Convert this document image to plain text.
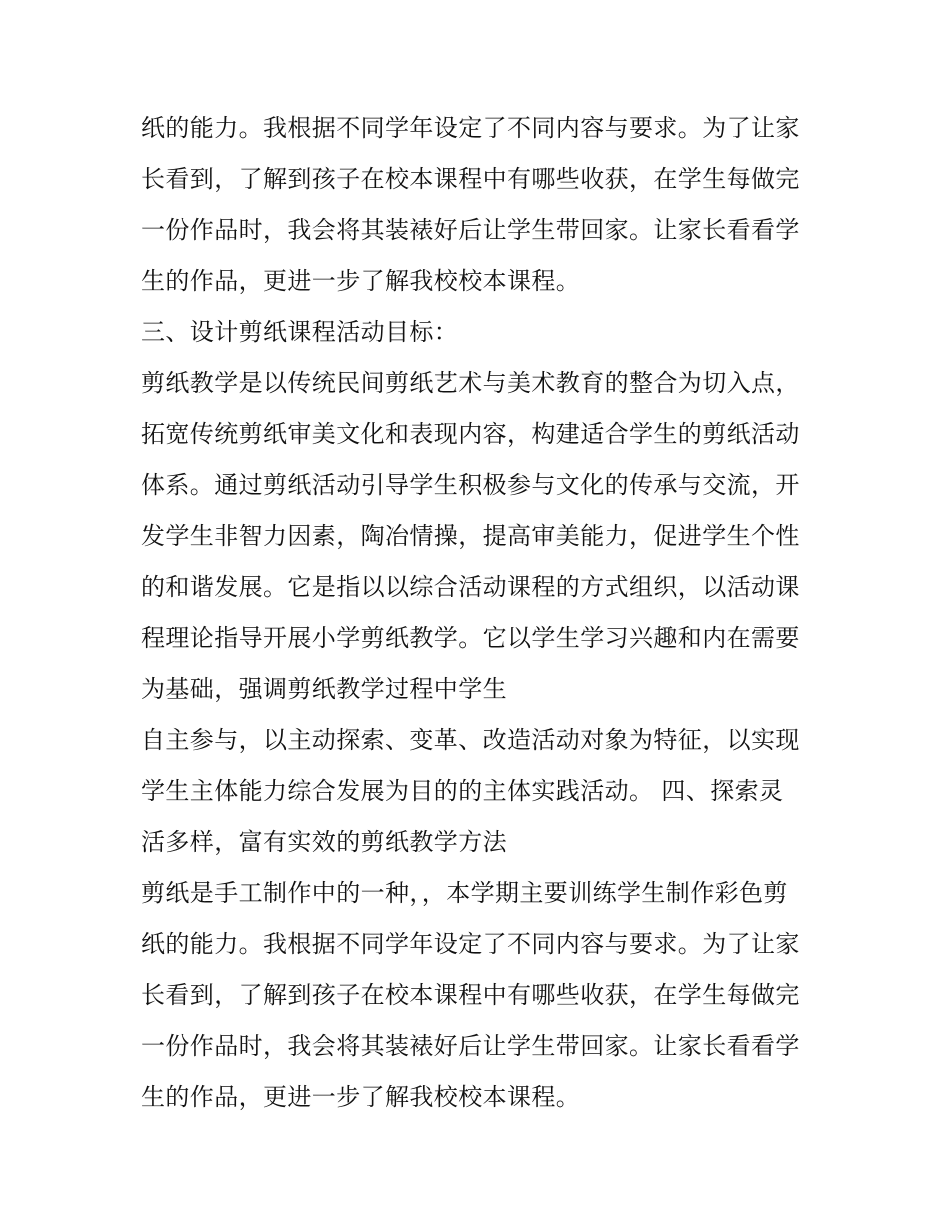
纸的能力。我根据不同学年设定了不同内容与要求。为了让家
长看到，了解到孩子在校本课程中有哪些收获，在学生每做完
一份作品时，我会将其装裱好后让学生带回家。让家长看看学
生的作品，更进一步了解我校校本课程。
三、设计剪纸课程活动目标：
剪纸教学是以传统民间剪纸艺术与美术教育的整合为切入点，
拓宽传统剪纸审美文化和表现内容，构建适合学生的剪纸活动
体系。通过剪纸活动引导学生积极参与文化的传承与交流，开
发学生非智力因素，陶冶情操，提高审美能力，促进学生个性
的和谐发展。它是指以以综合活动课程的方式组织，以活动课
程理论指导开展小学剪纸教学。它以学生学习兴趣和内在需要
为基础，强调剪纸教学过程中学生
自主参与，以主动探索、变革、改造活动对象为特征，以实现
学生主体能力综合发展为目的的主体实践活动。 四、探索灵
活多样，富有实效的剪纸教学方法
剪纸是手工制作中的一种，，本学期主要训练学生制作彩色剪
纸的能力。我根据不同学年设定了不同内容与要求。为了让家
长看到，了解到孩子在校本课程中有哪些收获，在学生每做完
一份作品时，我会将其装裱好后让学生带回家。让家长看看学
生的作品，更进一步了解我校校本课程。
